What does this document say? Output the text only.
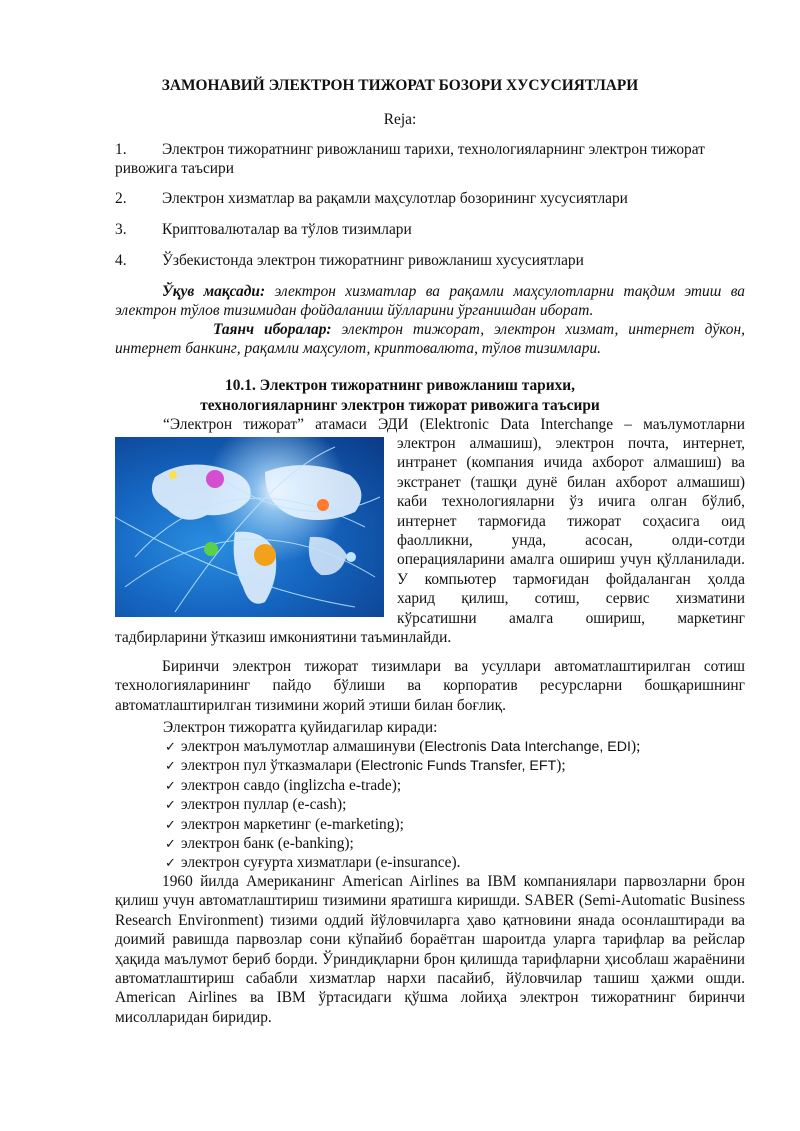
ЗАМОНАВИЙ ЭЛЕКТРОН ТИЖОРАТ БОЗОРИ ХУСУСИЯТЛАРИ
Reja:
1. Электрон тижоратнинг ривожланиш тарихи, технологияларнинг электрон тижорат
ривожига таъсири
2. Электрон хизматлар ва рақамли маҳсулотлар бозорининг хусусиятлари
3. Криптовалюталар ва тўлов тизимлари
4. Ўзбекистонда электрон тижоратнинг ривожланиш хусусиятлари
Ўқув мақсади: электрон хизматлар ва рақамли маҳсулотларни тақдим этиш ва электрон тўлов тизимидан фойдаланиш йўлларини ўрганишдан иборат.
Таянч иборалар: электрон тижорат, электрон хизмат, интернет дўкон, интернет банкинг, рақамли маҳсулот, криптовалюта, тўлов тизимлари.
10.1. Электрон тижоратнинг ривожланиш тарихи,
технологияларнинг электрон тижорат ривожига таъсири
“Электрон тижорат” атамаси ЭДИ (Elektronic Data Interchange – маълумотларни
электрон алмашиш), электрон почта, интернет,
интранет (компания ичида ахборот алмашиш) ва
экстранет (ташқи дунё билан ахборот алмашиш)
каби технологияларни ўз ичига олган бўлиб,
интернет тармоғида тижорат соҳасига оид
фаолликни, унда, асосан, олди-сотди
операцияларини амалга ошириш учун қўлланилади.
У компьютер тармоғидан фойдаланган ҳолда
харид қилиш, сотиш, сервис хизматини
кўрсатишни амалга ошириш, маркетинг
тадбирларини ўтказиш имкониятини таъминлайди.
Биринчи электрон тижорат тизимлари ва усуллари автоматлаштирилган сотиш технологияларининг пайдо бўлиши ва корпоратив ресурсларни бошқаришнинг автоматлаштирилган тизимини жорий этиши билан боғлиқ.
Электрон тижоратга қуйидагилар киради:
✓ электрон маълумотлар алмашинуви (Electronis Data Interchange, EDI);
✓ электрон пул ўтказмалари (Electronic Funds Transfer, EFT);
✓ электрон савдо (inglizcha e-trade);
✓ электрон пуллар (e-cash);
✓ электрон маркетинг (e-marketing);
✓ электрон банк (e-banking);
✓ электрон суғурта хизматлари (e-insurance).
1960 йилда Американинг American Airlines ва IBM компаниялари парвозларни брон қилиш учун автоматлаштириш тизимини яратишга киришди. SABER (Semi-Automatic Business Research Environment) тизими оддий йўловчиларга ҳаво қатновини янада осонлаштиради ва доимий равишда парвозлар сони кўпайиб бораётган шароитда уларга тарифлар ва рейслар ҳақида маълумот бериб борди. Ўриндиқларни брон қилишда тарифларни ҳисоблаш жараёнини автоматлаштириш сабабли хизматлар нархи пасайиб, йўловчилар ташиш ҳажми ошди. American Airlines ва IBM ўртасидаги қўшма лойиҳа электрон тижоратнинг биринчи мисолларидан биридир.
